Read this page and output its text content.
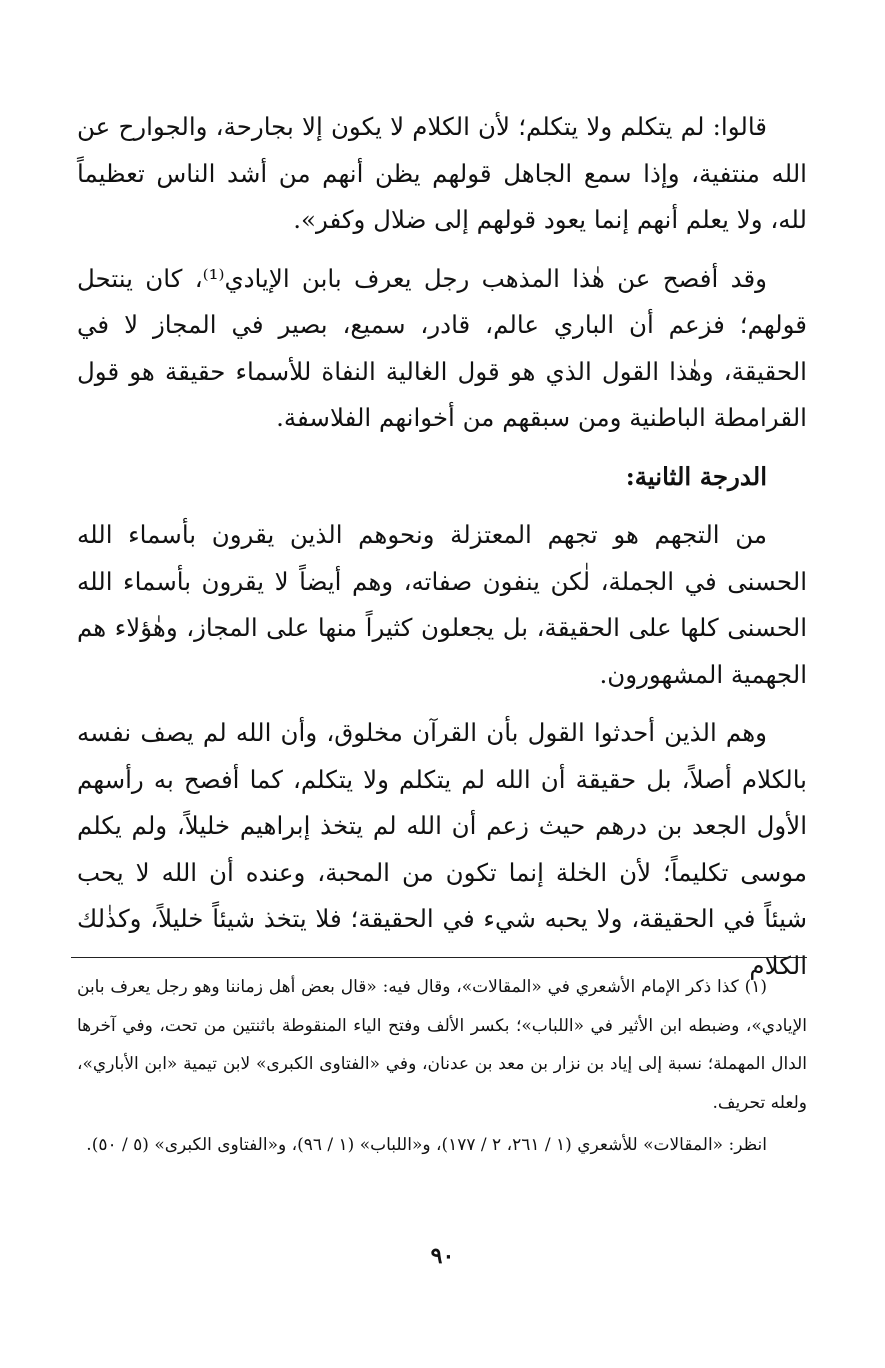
قالوا: لم يتكلم ولا يتكلم؛ لأن الكلام لا يكون إلا بجارحة، والجوارح عن الله منتفية، وإذا سمع الجاهل قولهم يظن أنهم من أشد الناس تعظيماً لله، ولا يعلم أنهم إنما يعود قولهم إلى ضلال وكفر».

وقد أفصح عن هٰذا المذهب رجل يعرف بابن الإيادي⁽¹⁾، كان ينتحل قولهم؛ فزعم أن الباري عالم، قادر، سميع، بصير في المجاز لا في الحقيقة، وهٰذا القول الذي هو قول الغالية النفاة للأسماء حقيقة هو قول القرامطة الباطنية ومن سبقهم من أخوانهم الفلاسفة.

الدرجة الثانية:

من التجهم هو تجهم المعتزلة ونحوهم الذين يقرون بأسماء الله الحسنى في الجملة، لٰكن ينفون صفاته، وهم أيضاً لا يقرون بأسماء الله الحسنى كلها على الحقيقة، بل يجعلون كثيراً منها على المجاز، وهٰؤلاء هم الجهمية المشهورون.

وهم الذين أحدثوا القول بأن القرآن مخلوق، وأن الله لم يصف نفسه بالكلام أصلاً، بل حقيقة أن الله لم يتكلم ولا يتكلم، كما أفصح به رأسهم الأول الجعد بن درهم حيث زعم أن الله لم يتخذ إبراهيم خليلاً، ولم يكلم موسى تكليماً؛ لأن الخلة إنما تكون من المحبة، وعنده أن الله لا يحب شيئاً في الحقيقة، ولا يحبه شيء في الحقيقة؛ فلا يتخذ شيئاً خليلاً، وكذٰلك الكلام

(١) كذا ذكر الإمام الأشعري في «المقالات»، وقال فيه: «قال بعض أهل زماننا وهو رجل يعرف بابن الإيادي»، وضبطه ابن الأثير في «اللباب»؛ بكسر الألف وفتح الياء المنقوطة باثنتين من تحت، وفي آخرها الدال المهملة؛ نسبة إلى إياد بن نزار بن معد بن عدنان، وفي «الفتاوى الكبرى» لابن تيمية «ابن الأباري»، ولعله تحريف.

انظر: «المقالات» للأشعري (١ / ٢٦١، ٢ / ١٧٧)، و«اللباب» (١ / ٩٦)، و«الفتاوى الكبرى» (٥ / ٥٠).

٩٠
